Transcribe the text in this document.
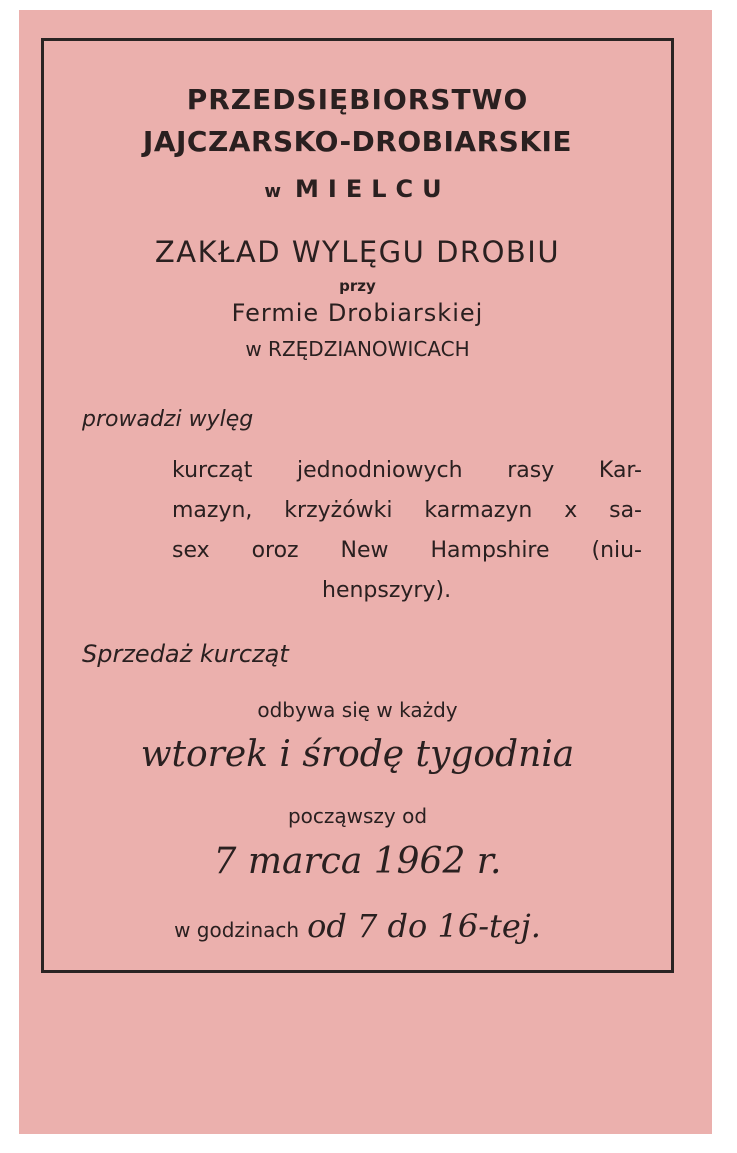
PRZEDSIĘBIORSTWO

JAJCZARSKO-DROBIARSKIE

w MIELCU

ZAKŁAD WYLĘGU DROBIU

przy

Fermie Drobiarskiej

w RZĘDZIANOWICACH

prowadzi wylęg

kurcząt jednodniowych rasy Kar-
mazyn, krzyżówki karmazyn x sa-
sex oroz New Hampshire (niu-
henpszyry).

Sprzedaż kurcząt

odbywa się w każdy

wtorek i środę tygodnia

począwszy od

7 marca 1962 r.

w godzinach od 7 do 16-tej.
